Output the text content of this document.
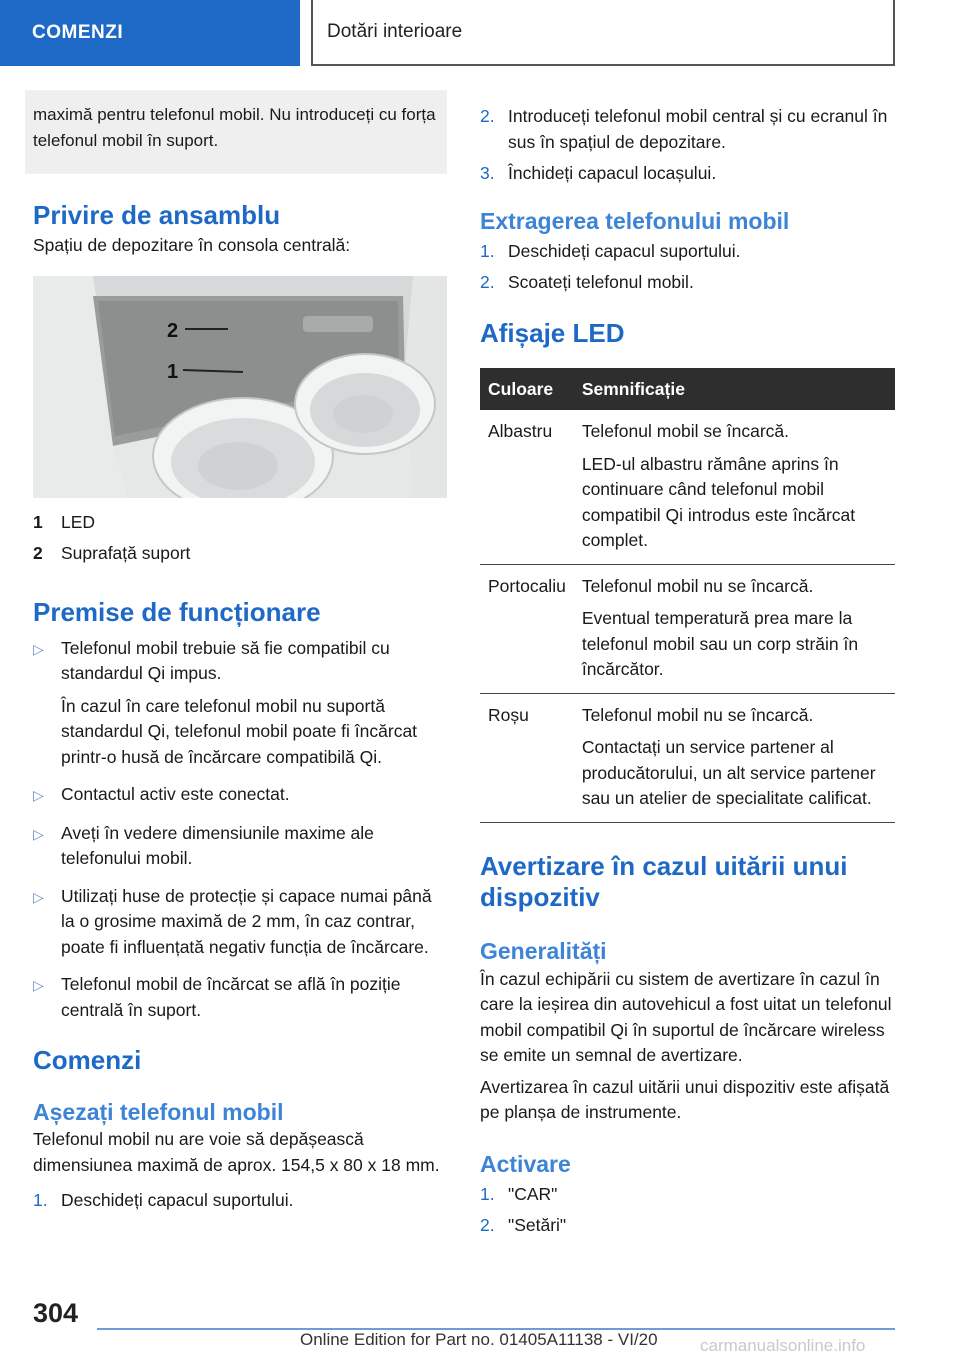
COMENZI	Dotări interioare
maximă pentru telefonul mobil. Nu introduceți cu forța telefonul mobil în suport.
Privire de ansamblu

Spațiu de depozitare în consola centrală:

2
1
1	LED
2	Suprafață suport
Premise de funcționare
▷ Telefonul mobil trebuie să fie compatibil cu standardul Qi impus.
În cazul în care telefonul mobil nu suportă standardul Qi, telefonul mobil poate fi încărcat printr-o husă de încărcare compatibilă Qi.
▷ Contactul activ este conectat.
▷ Aveți în vedere dimensiunile maxime ale telefonului mobil.
▷ Utilizați huse de protecție și capace numai până la o grosime maximă de 2 mm, în caz contrar, poate fi influențată negativ funcția de încărcare.
▷ Telefonul mobil de încărcat se află în poziție centrală în suport.
Comenzi
Așezați telefonul mobil

Telefonul mobil nu are voie să depășească dimensiunea maximă de aprox. 154,5 x 80 x 18 mm.

1. Deschideți capacul suportului.
2. Introduceți telefonul mobil central și cu ecranul în sus în spațiul de depozitare.
3. Închideți capacul locașului.
Extragerea telefonului mobil
1. Deschideți capacul suportului.
2. Scoateți telefonul mobil.
Afișaje LED
Culoare	Semnificație
Albastru	Telefonul mobil se încarcă.

LED-ul albastru rămâne aprins în continuare când telefonul mobil compatibil Qi introdus este încărcat complet.

Portocaliu	Telefonul mobil nu se încarcă.

Eventual temperatură prea mare la telefonul mobil sau un corp străin în încărcător.

Roșu	Telefonul mobil nu se încarcă.

Contactați un service partener al producătorului, un alt service partener sau un atelier de specialitate calificat.

Avertizare în cazul uitării unui dispozitiv
Generalități

În cazul echipării cu sistem de avertizare în cazul în care la ieșirea din autovehicul a fost uitat un telefonul mobil compatibil Qi în suportul de încărcare wireless se emite un semnal de avertizare.

Avertizarea în cazul uitării unui dispozitiv este afișată pe planșa de instrumente.

Activare
1. "CAR"
2. "Setări"
304
Online Edition for Part no. 01405A11138 - VI/20	carmanualsonline.info
